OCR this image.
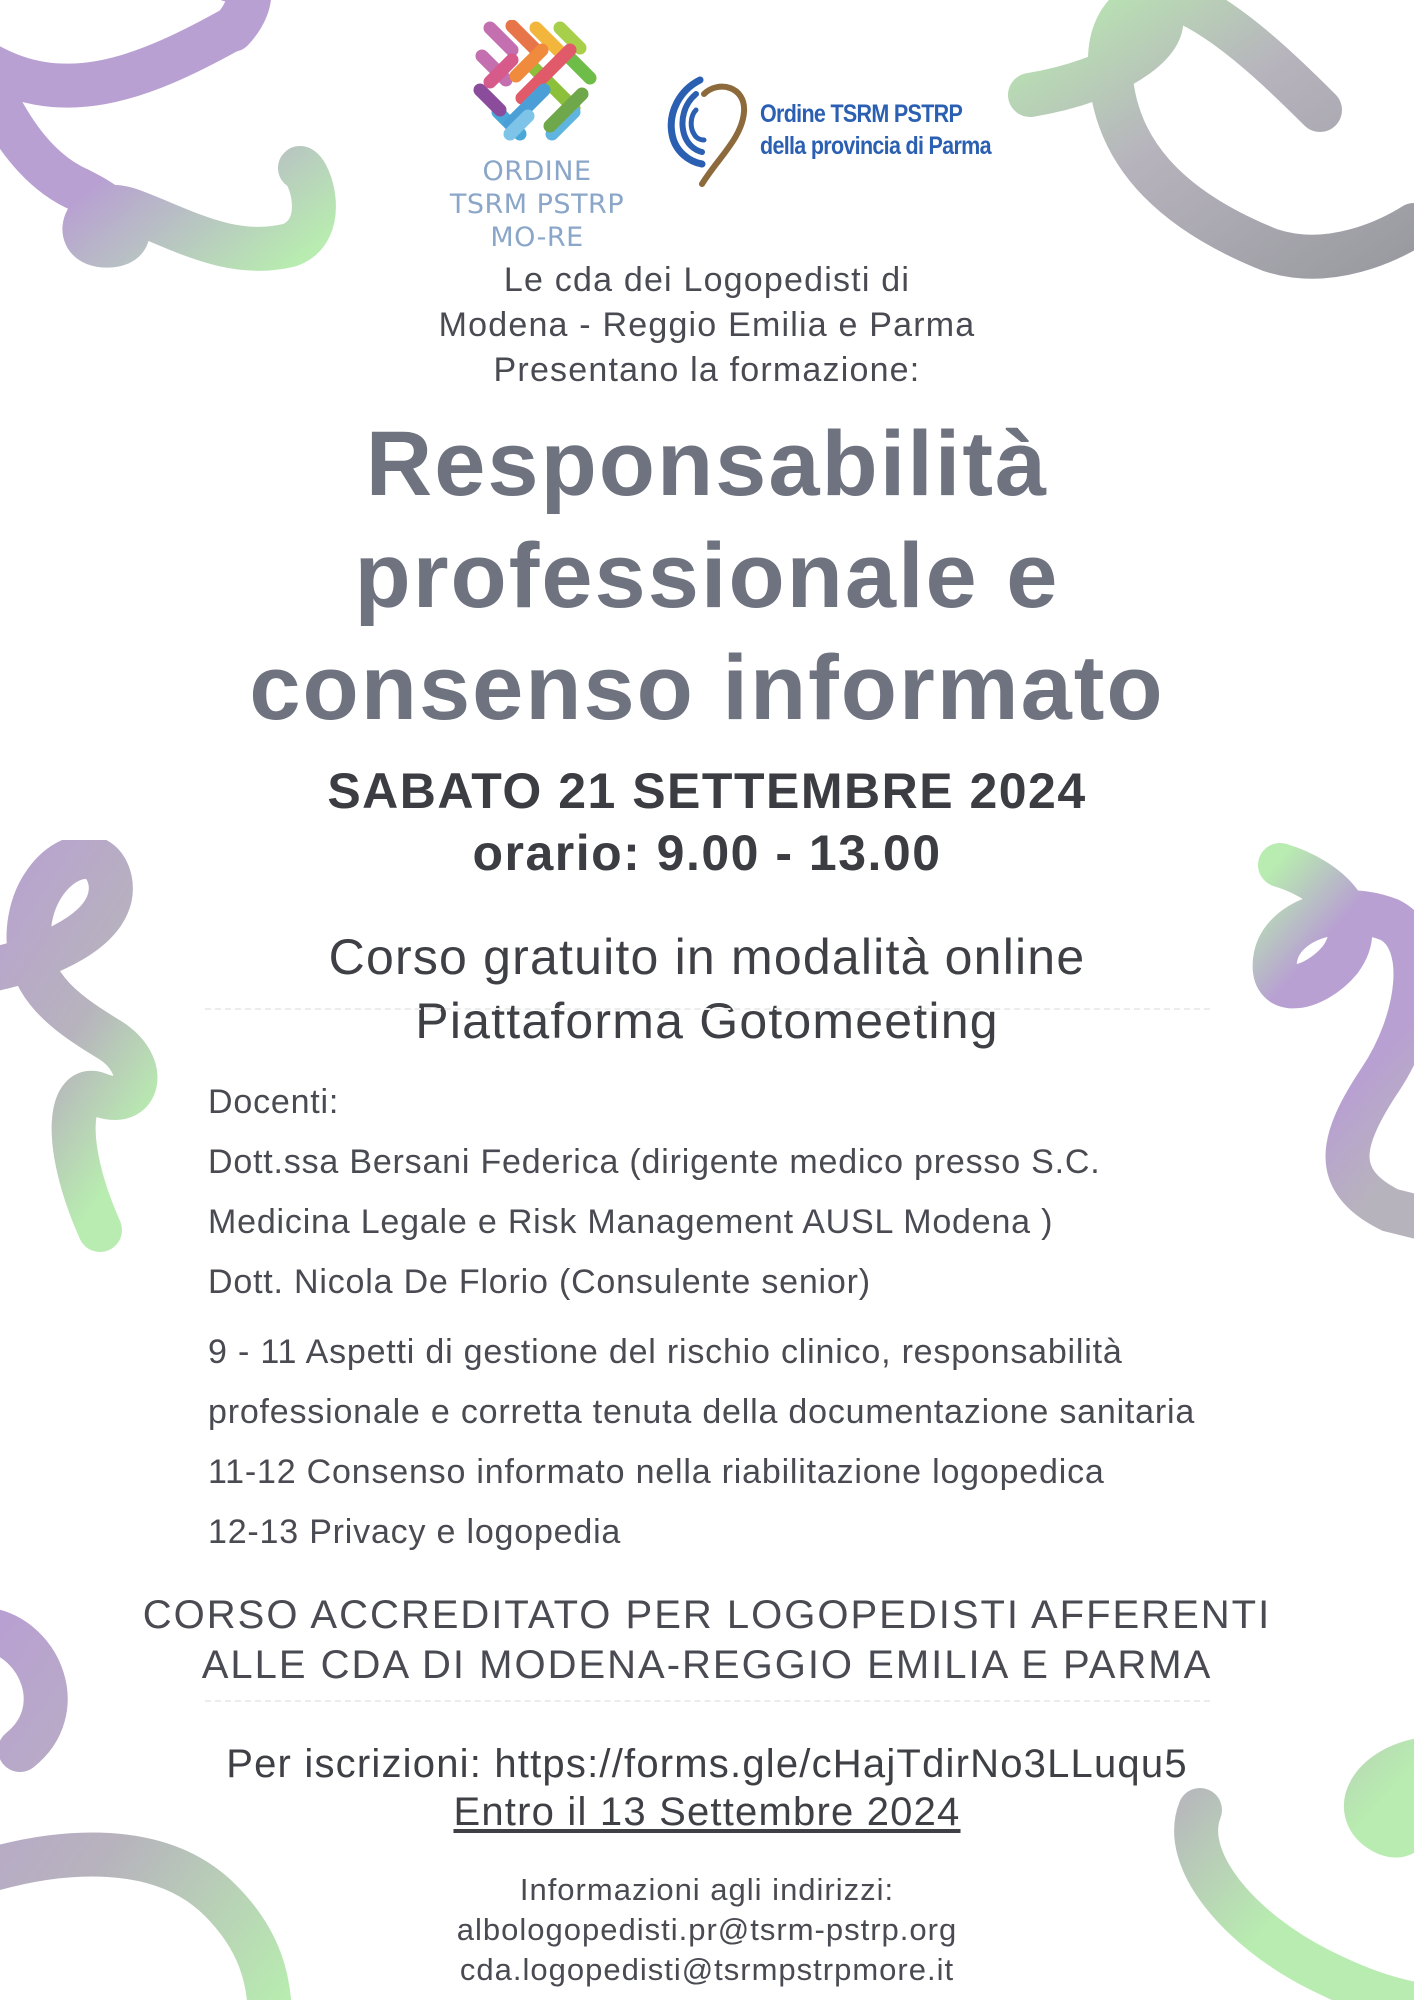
ORDINE
TSRM PSTRP
MO-RE
Ordine TSRM PSTRP
della provincia di Parma
Le cda dei Logopedisti di
Modena - Reggio Emilia e Parma
Presentano la formazione:
Responsabilità
professionale e
consenso informato
SABATO 21 SETTEMBRE 2024
orario: 9.00 - 13.00
Corso gratuito in modalità online
Piattaforma Gotomeeting
Docenti:
Dott.ssa Bersani Federica (dirigente medico presso S.C.
Medicina Legale e Risk Management AUSL Modena )
Dott. Nicola De Florio (Consulente senior)
9 - 11 Aspetti di gestione del rischio clinico, responsabilità
professionale e corretta tenuta della documentazione sanitaria
11-12 Consenso informato nella riabilitazione logopedica
12-13 Privacy e logopedia
CORSO ACCREDITATO PER LOGOPEDISTI AFFERENTI
ALLE CDA DI MODENA-REGGIO EMILIA E PARMA
Per iscrizioni: https://forms.gle/cHajTdirNo3LLuqu5
Entro il 13 Settembre 2024
Informazioni agli indirizzi:
albologopedisti.pr@tsrm-pstrp.org
cda.logopedisti@tsrmpstrpmore.it
